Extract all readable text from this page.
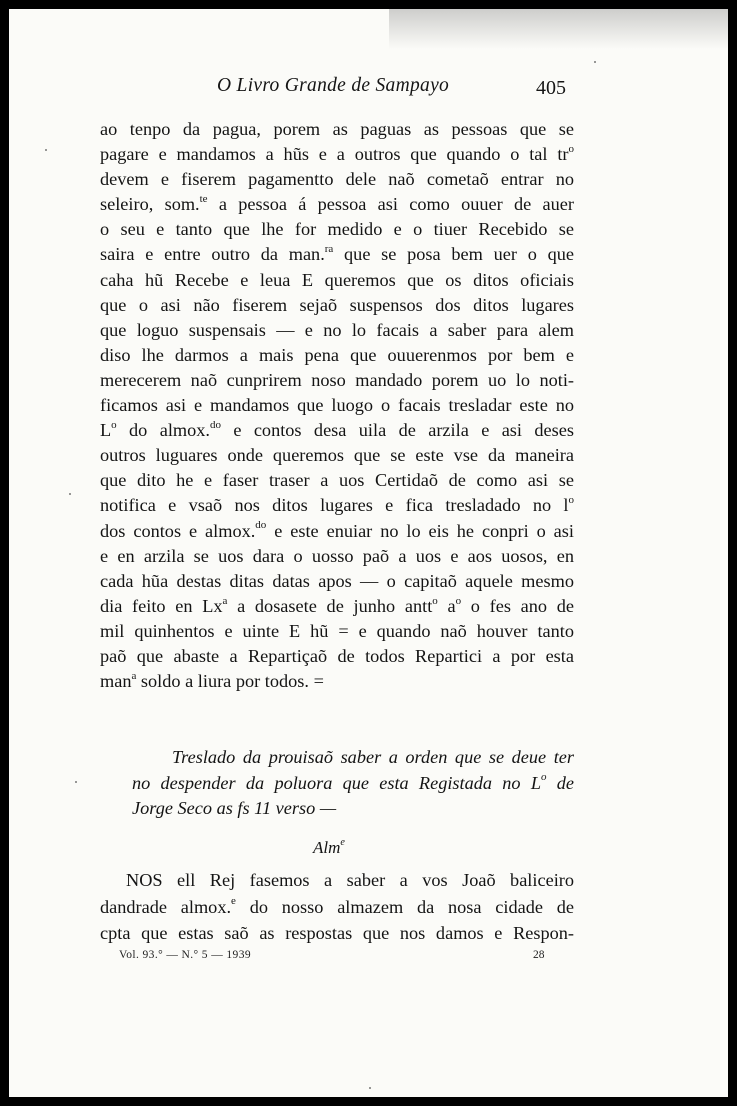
O Livro Grande de Sampayo	405
ao tenpo da pagua, porem as paguas as pessoas que se
pagare e mandamos a hũs e a outros que quando o tal $tr^o$
devem e fiserem pagamentto dele naõ cometaõ entrar no
seleiro, som.$^{te}$ a pessoa á pessoa asi como ouuer de auer
o seu e tanto que lhe for medido e o tiuer Recebido se
saira e entre outro da man.$^{ra}$ que se posa bem uer o que
caha hũ Recebe e leua E queremos que os ditos oficiais
que o asi não fiserem sejaõ suspensos dos ditos lugares
que loguo suspensais — e no lo facais a saber para alem
diso lhe darmos a mais pena que ouuerenmos por bem e
merecerem naõ cunprirem noso mandado porem uo lo noti-
ficamos asi e mandamos que luogo o facais tresladar este no
$L^o$ do almox.$^{do}$ e contos desa uila de arzila e asi deses
outros luguares onde queremos que se este vse da maneira
que dito he e faser traser a uos Certidaõ de como asi se
notifica e vsaõ nos ditos lugares e fica tresladado no $l^o$
dos contos e almox.$^{do}$ e este enuiar no lo eis he conpri o asi
e en arzila se uos dara o uosso paõ a uos e aos uosos, en
cada hũa destas ditas datas apos — o capitaõ aquele mesmo
dia feito en Lx$^a$ a dosasete de junho antt$^o$ $a^o$ o fes ano de
mil quinhentos e uinte E hũ = e quando naõ houver tanto
paõ que abaste a Repartiçaõ de todos Repartici a por esta
man$^a$ soldo a liura por todos. =
Treslado da prouisaõ saber a orden que se deue ter
no despender da poluora que esta Registada no $L^o$ de
Jorge Seco as fs 11 verso —
Alm$^e$
NOS ell Rej fasemos a saber a vos Joaõ baliceiro
dandrade almox.$^e$ do nosso almazem da nosa cidade de
cpta que estas saõ as respostas que nos damos e Respon-
Vol. 93.° — N.° 5 — 1939	28
